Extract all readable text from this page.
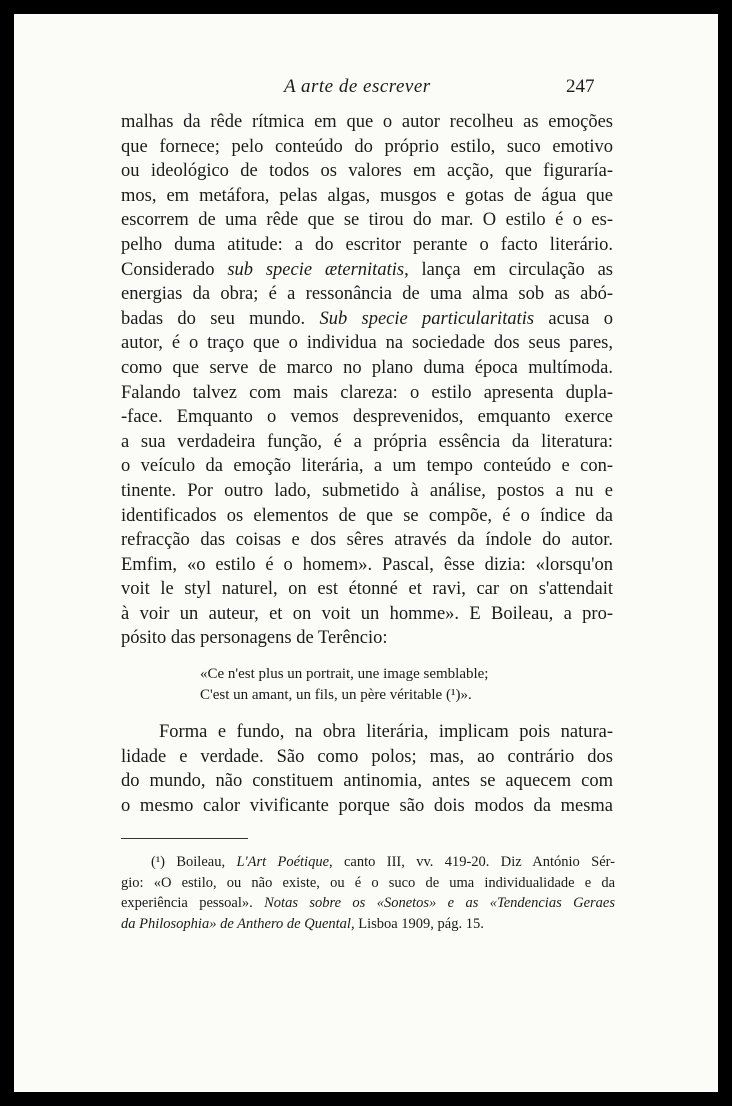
A arte de escrever	247
malhas da rêde rítmica em que o autor recolheu as emoções
que fornece; pelo conteúdo do próprio estilo, suco emotivo
ou ideológico de todos os valores em acção, que figuraría-
mos, em metáfora, pelas algas, musgos e gotas de água que
escorrem de uma rêde que se tirou do mar. O estilo é o es-
pelho duma atitude: a do escritor perante o facto literário.
Considerado sub specie æternitatis, lança em circulação as
energias da obra; é a ressonância de uma alma sob as abó-
badas do seu mundo. Sub specie particularitatis acusa o
autor, é o traço que o individua na sociedade dos seus pares,
como que serve de marco no plano duma época multímoda.
Falando talvez com mais clareza: o estilo apresenta dupla-
-face. Emquanto o vemos desprevenidos, emquanto exerce
a sua verdadeira função, é a própria essência da literatura:
o veículo da emoção literária, a um tempo conteúdo e con-
tinente. Por outro lado, submetido à análise, postos a nu e
identificados os elementos de que se compõe, é o índice da
refracção das coisas e dos sêres através da índole do autor.
Emfim, «o estilo é o homem». Pascal, êsse dizia: «lorsqu'on
voit le styl naturel, on est étonné et ravi, car on s'attendait
à voir un auteur, et on voit un homme». E Boileau, a pro-
pósito das personagens de Terêncio:
«Ce n'est plus un portrait, une image semblable;
C'est un amant, un fils, un père véritable (¹)».
Forma e fundo, na obra literária, implicam pois natura-
lidade e verdade. São como polos; mas, ao contrário dos
do mundo, não constituem antinomia, antes se aquecem com
o mesmo calor vivificante porque são dois modos da mesma
(¹) Boileau, L'Art Poétique, canto III, vv. 419-20. Diz António Sér-
gio: «O estilo, ou não existe, ou é o suco de uma individualidade e da
experiência pessoal». Notas sobre os «Sonetos» e as «Tendencias Geraes
da Philosophia» de Anthero de Quental, Lisboa 1909, pág. 15.
